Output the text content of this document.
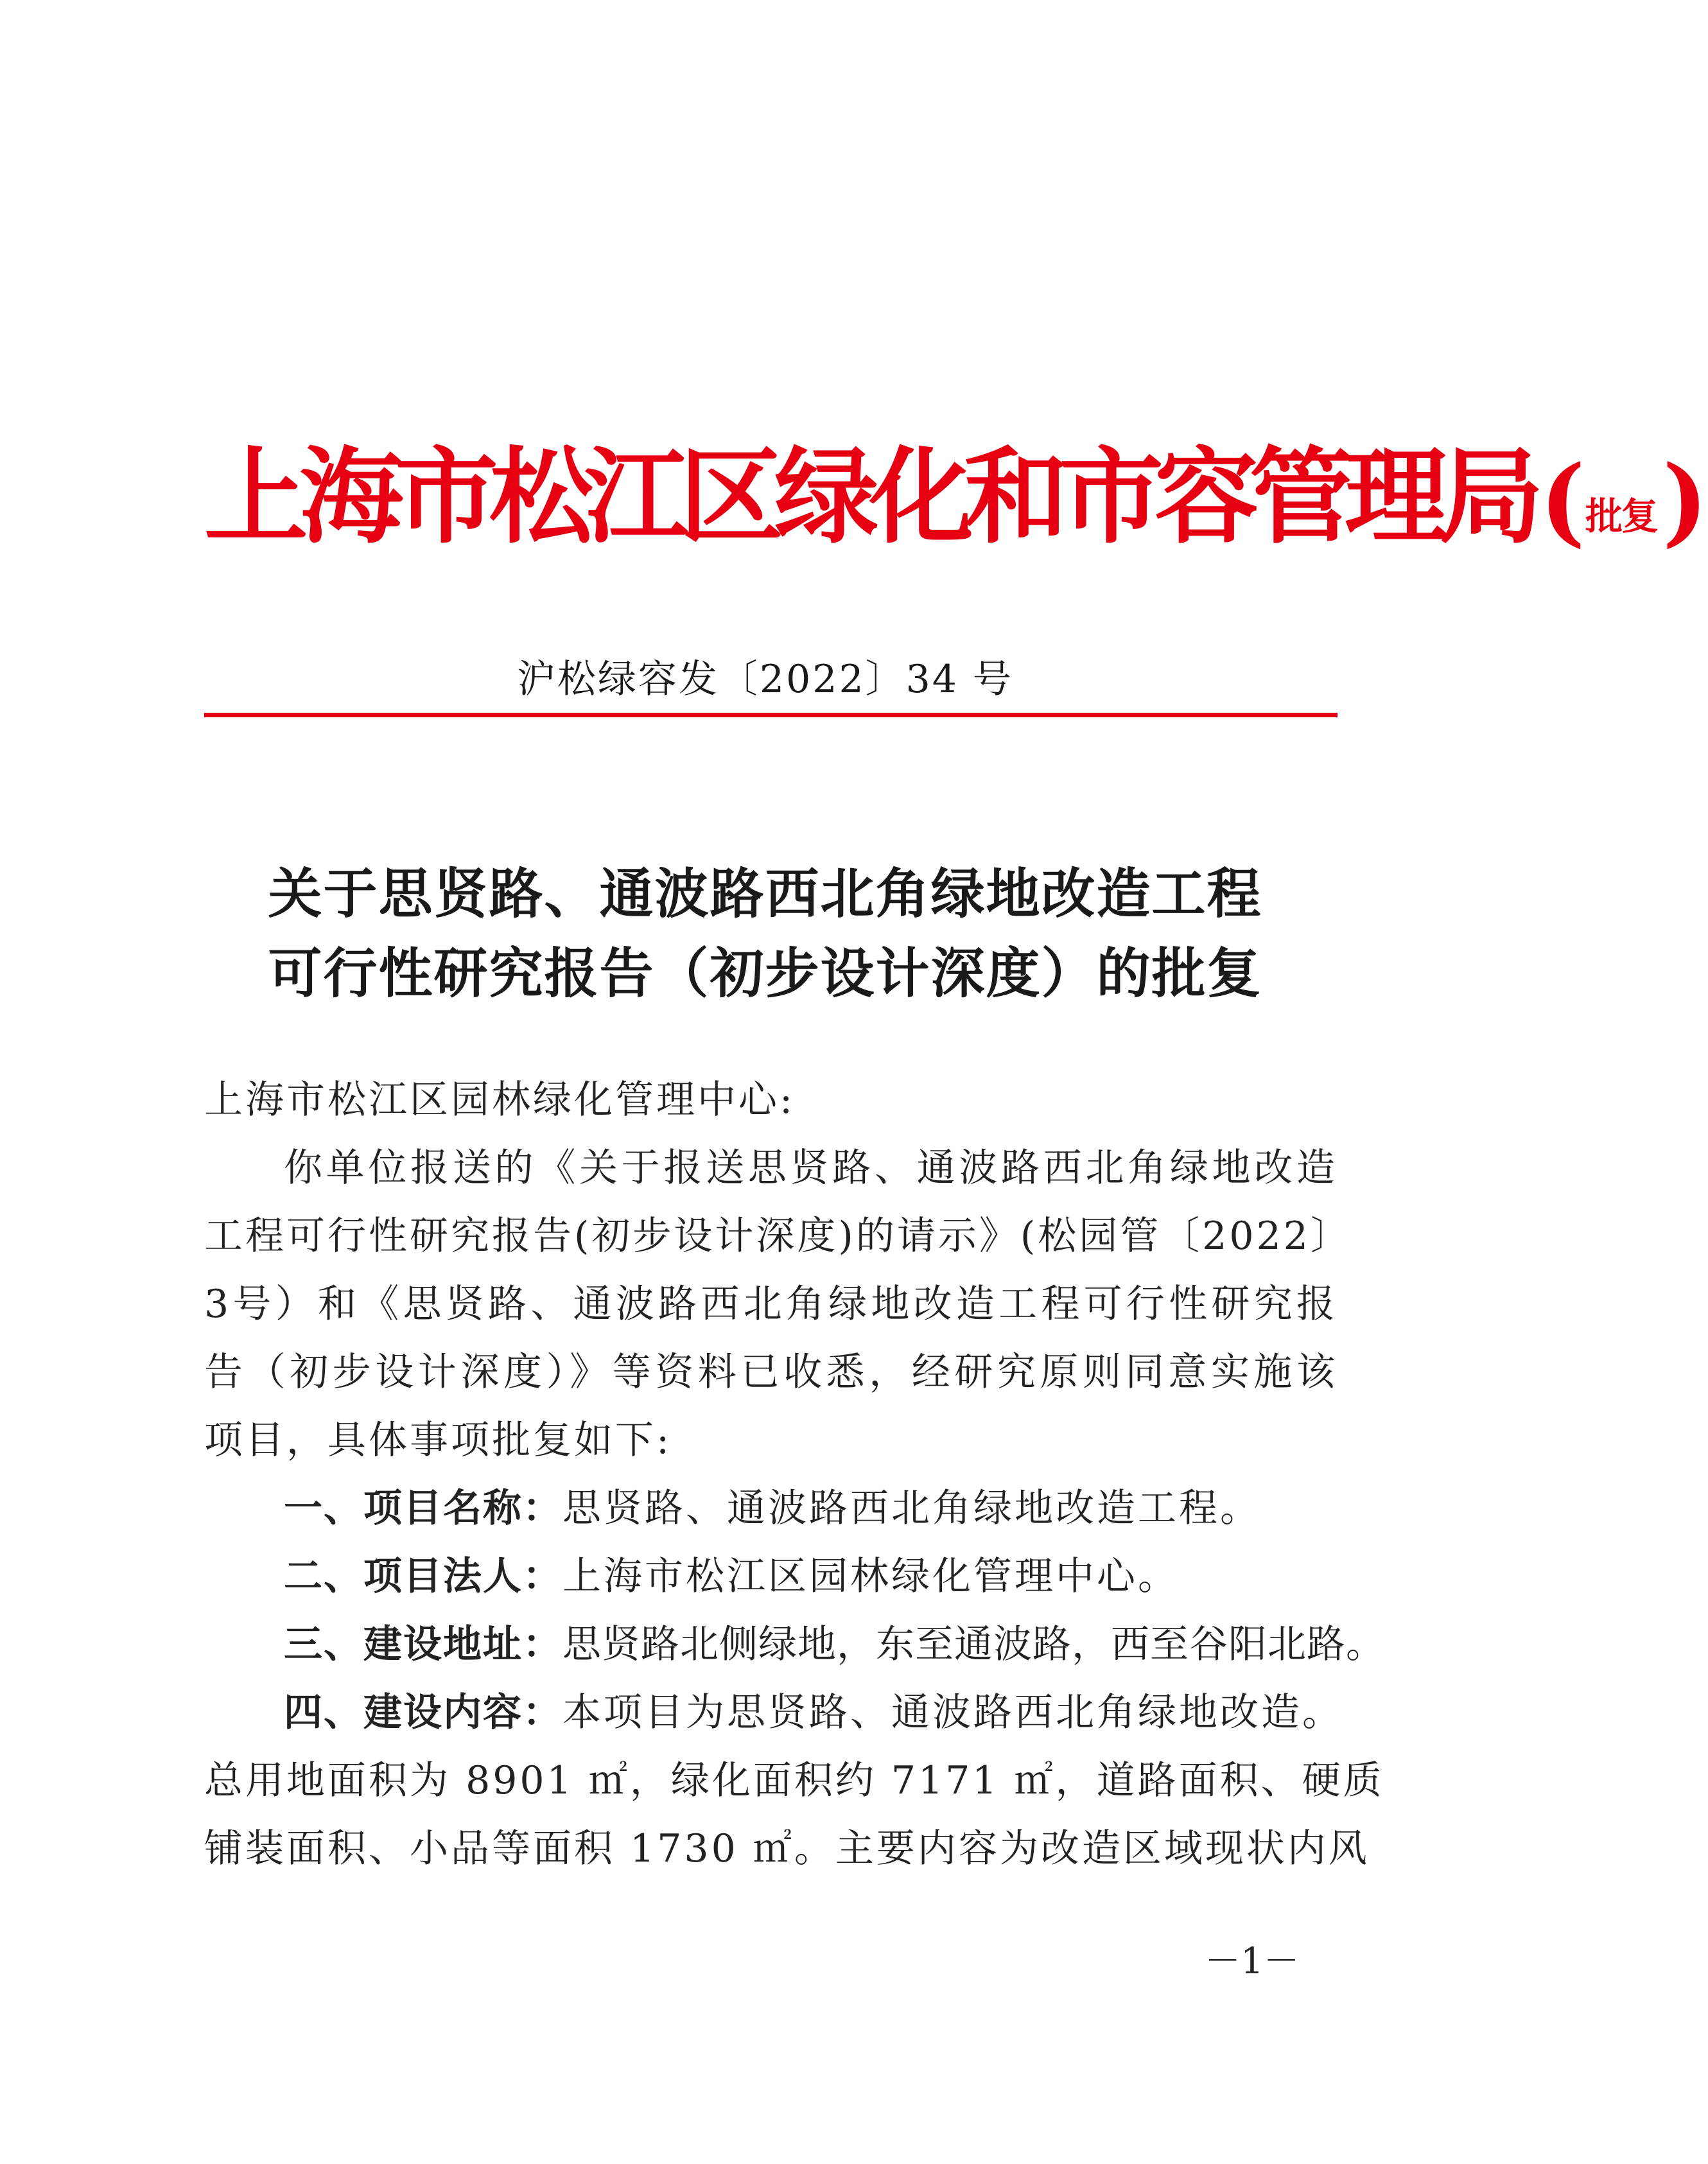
上海市松江区绿化和市容管理局 ( 批复 )
沪松绿容发〔2022〕34 号
关于思贤路、通波路西北角绿地改造工程
可行性研究报告（初步设计深度）的批复
上海市松江区园林绿化管理中心:
你单位报送的《关于报送思贤路、通波路西北角绿地改造
工程可行性研究报告(初步设计深度)的请示》(松园管〔2022〕
3号）和《思贤路、通波路西北角绿地改造工程可行性研究报
告（初步设计深度）》等资料已收悉，经研究原则同意实施该
项目，具体事项批复如下:
一、项目名称：思贤路、通波路西北角绿地改造工程。
二、项目法人：上海市松江区园林绿化管理中心。
三、建设地址：思贤路北侧绿地，东至通波路，西至谷阳北路。
四、建设内容：本项目为思贤路、通波路西北角绿地改造。
总用地面积为 8901 ㎡，绿化面积约 7171 ㎡，道路面积、硬质
铺装面积、小品等面积 1730 ㎡。主要内容为改造区域现状内风
－1－
